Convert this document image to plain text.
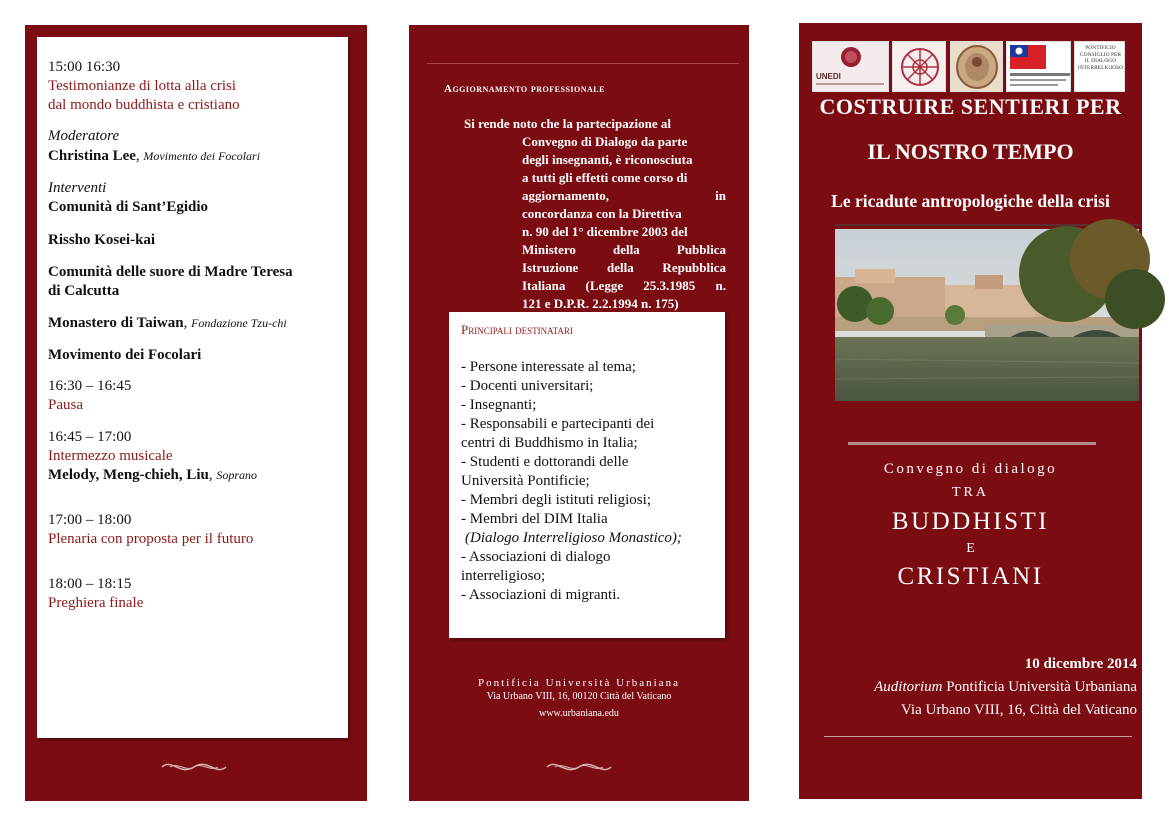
15:00 16:30
Testimonianze di lotta alla crisi
dal mondo buddhista e cristiano
Moderatore
Christina Lee, Movimento dei Focolari
Interventi
Comunità di Sant’Egidio
Rissho Kosei-kai
Comunità delle suore di Madre Teresa
di Calcutta
Monastero di Taiwan, Fondazione Tzu-chi
Movimento dei Focolari
16:30 – 16:45
Pausa
16:45 – 17:00
Intermezzo musicale
Melody, Meng-chieh, Liu, Soprano
17:00 – 18:00
Plenaria con proposta per il futuro
18:00 – 18:15
Preghiera finale
Aggiornamento professionale
Si rende noto che la partecipazione al
Convegno di Dialogo da parte
degli insegnanti, è riconosciuta
a tutti gli effetti come corso di
aggiornamento, in
concordanza con la Direttiva
n. 90 del 1° dicembre 2003 del
Ministero della Pubblica
Istruzione della Repubblica
Italiana (Legge 25.3.1985 n.
121 e D.P.R. 2.2.1994 n. 175)
Principali destinatari
- Persone interessate al tema;
- Docenti universitari;
- Insegnanti;
- Responsabili e partecipanti dei
centri di Buddhismo in Italia;
- Studenti e dottorandi delle
Università Pontificie;
- Membri degli istituti religiosi;
- Membri del DIM Italia
(Dialogo Interreligioso Monastico);
- Associazioni di dialogo
interreligioso;
- Associazioni di migranti.
Pontificia Università Urbaniana
Via Urbano VIII, 16, 00120 Città del Vaticano
www.urbaniana.edu
UNEDI
PONTIFICIO CONSIGLIO PER IL DIALOGO INTERRELIGIOSO
COSTRUIRE SENTIERI PER
IL NOSTRO TEMPO
Le ricadute antropologiche della crisi
Convegno di dialogo
TRA
BUDDHISTI
E
CRISTIANI
10 dicembre 2014
Auditorium Pontificia Università Urbaniana
Via Urbano VIII, 16, Città del Vaticano
